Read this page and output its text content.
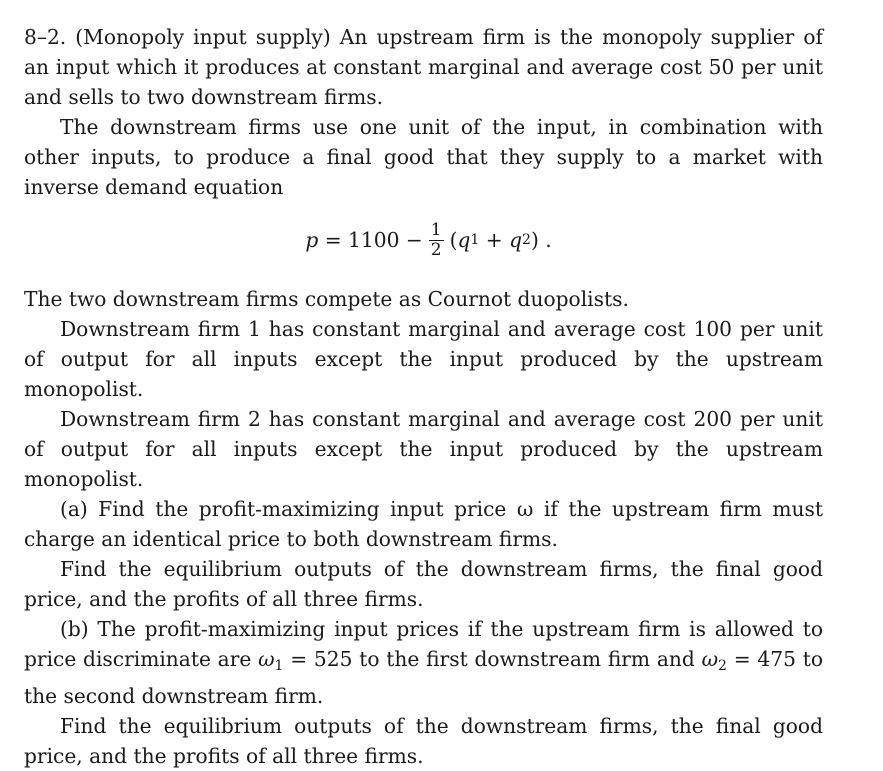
8–2. (Monopoly input supply) An upstream firm is the monopoly supplier of an input which it produces at constant marginal and average cost 50 per unit and sells to two downstream firms.

The downstream firms use one unit of the input, in combination with other inputs, to produce a final good that they supply to a market with inverse demand equation

$p = 1100 - \frac{1}{2}$ ( q 1 + q 2 ) .

The two downstream firms compete as Cournot duopolists.

Downstream firm 1 has constant marginal and average cost 100 per unit of output for all inputs except the input produced by the upstream monopolist.

Downstream firm 2 has constant marginal and average cost 200 per unit of output for all inputs except the input produced by the upstream monopolist.

(a) Find the profit-maximizing input price ω if the upstream firm must charge an identical price to both downstream firms.

Find the equilibrium outputs of the downstream firms, the final good price, and the profits of all three firms.

(b) The profit-maximizing input prices if the upstream firm is allowed to price discriminate are $\omega_1 = 525$ to the first downstream firm and $\omega_2 = 475$ to the second downstream firm.

Find the equilibrium outputs of the downstream firms, the final good price, and the profits of all three firms.
